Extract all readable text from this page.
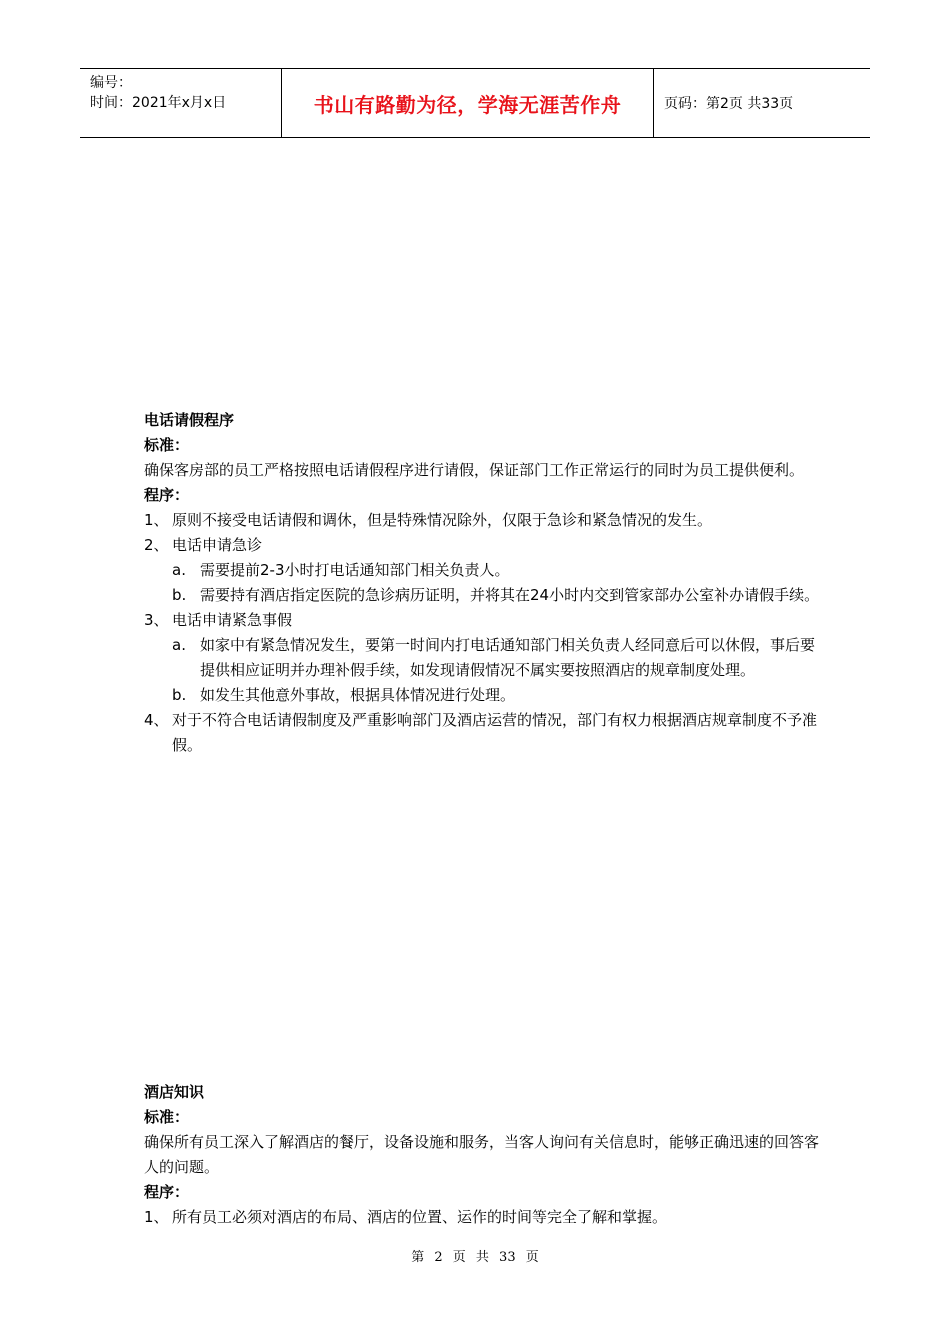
编号：
时间：2021年x月x日	书山有路勤为径，学海无涯苦作舟	页码：第2页 共33页

电话请假程序

标准：

确保客房部的员工严格按照电话请假程序进行请假，保证部门工作正常运行的同时为员工提供便利。

程序：

1、 原则不接受电话请假和调休，但是特殊情况除外，仅限于急诊和紧急情况的发生。
2、 电话申请急诊
a. 需要提前2-3小时打电话通知部门相关负责人。
b. 需要持有酒店指定医院的急诊病历证明，并将其在24小时内交到管家部办公室补办请假手续。
3、 电话申请紧急事假
a. 如家中有紧急情况发生，要第一时间内打电话通知部门相关负责人经同意后可以休假，事后要提供相应证明并办理补假手续，如发现请假情况不属实要按照酒店的规章制度处理。
b. 如发生其他意外事故，根据具体情况进行处理。
4、 对于不符合电话请假制度及严重影响部门及酒店运营的情况，部门有权力根据酒店规章制度不予准假。

酒店知识

标准：

确保所有员工深入了解酒店的餐厅，设备设施和服务，当客人询问有关信息时，能够正确迅速的回答客人的问题。

程序：

1、 所有员工必须对酒店的布局、酒店的位置、运作的时间等完全了解和掌握。
第 2 页 共 33 页
